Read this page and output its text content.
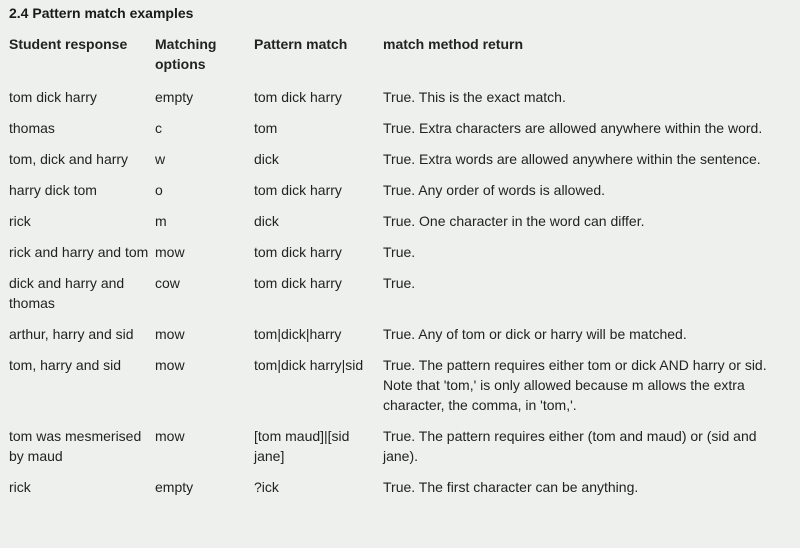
2.4 Pattern match examples
Student response	Matching options	Pattern match	match method return
tom dick harry	empty	tom dick harry	True. This is the exact match.
thomas	c	tom	True. Extra characters are allowed anywhere within the word.
tom, dick and harry	w	dick	True. Extra words are allowed anywhere within the sentence.
harry dick tom	o	tom dick harry	True. Any order of words is allowed.
rick	m	dick	True. One character in the word can differ.
rick and harry and tom	mow	tom dick harry	True.
dick and harry and thomas	cow	tom dick harry	True.
arthur, harry and sid	mow	tom|dick|harry	True. Any of tom or dick or harry will be matched.
tom, harry and sid	mow	tom|dick harry|sid	True. The pattern requires either tom or dick AND harry or sid. Note that 'tom,' is only allowed because m allows the extra character, the comma, in 'tom,'.
tom was mesmerised by maud	mow	[tom maud]|[sid jane]	True. The pattern requires either (tom and maud) or (sid and jane).
rick	empty	?ick	True. The first character can be anything.
